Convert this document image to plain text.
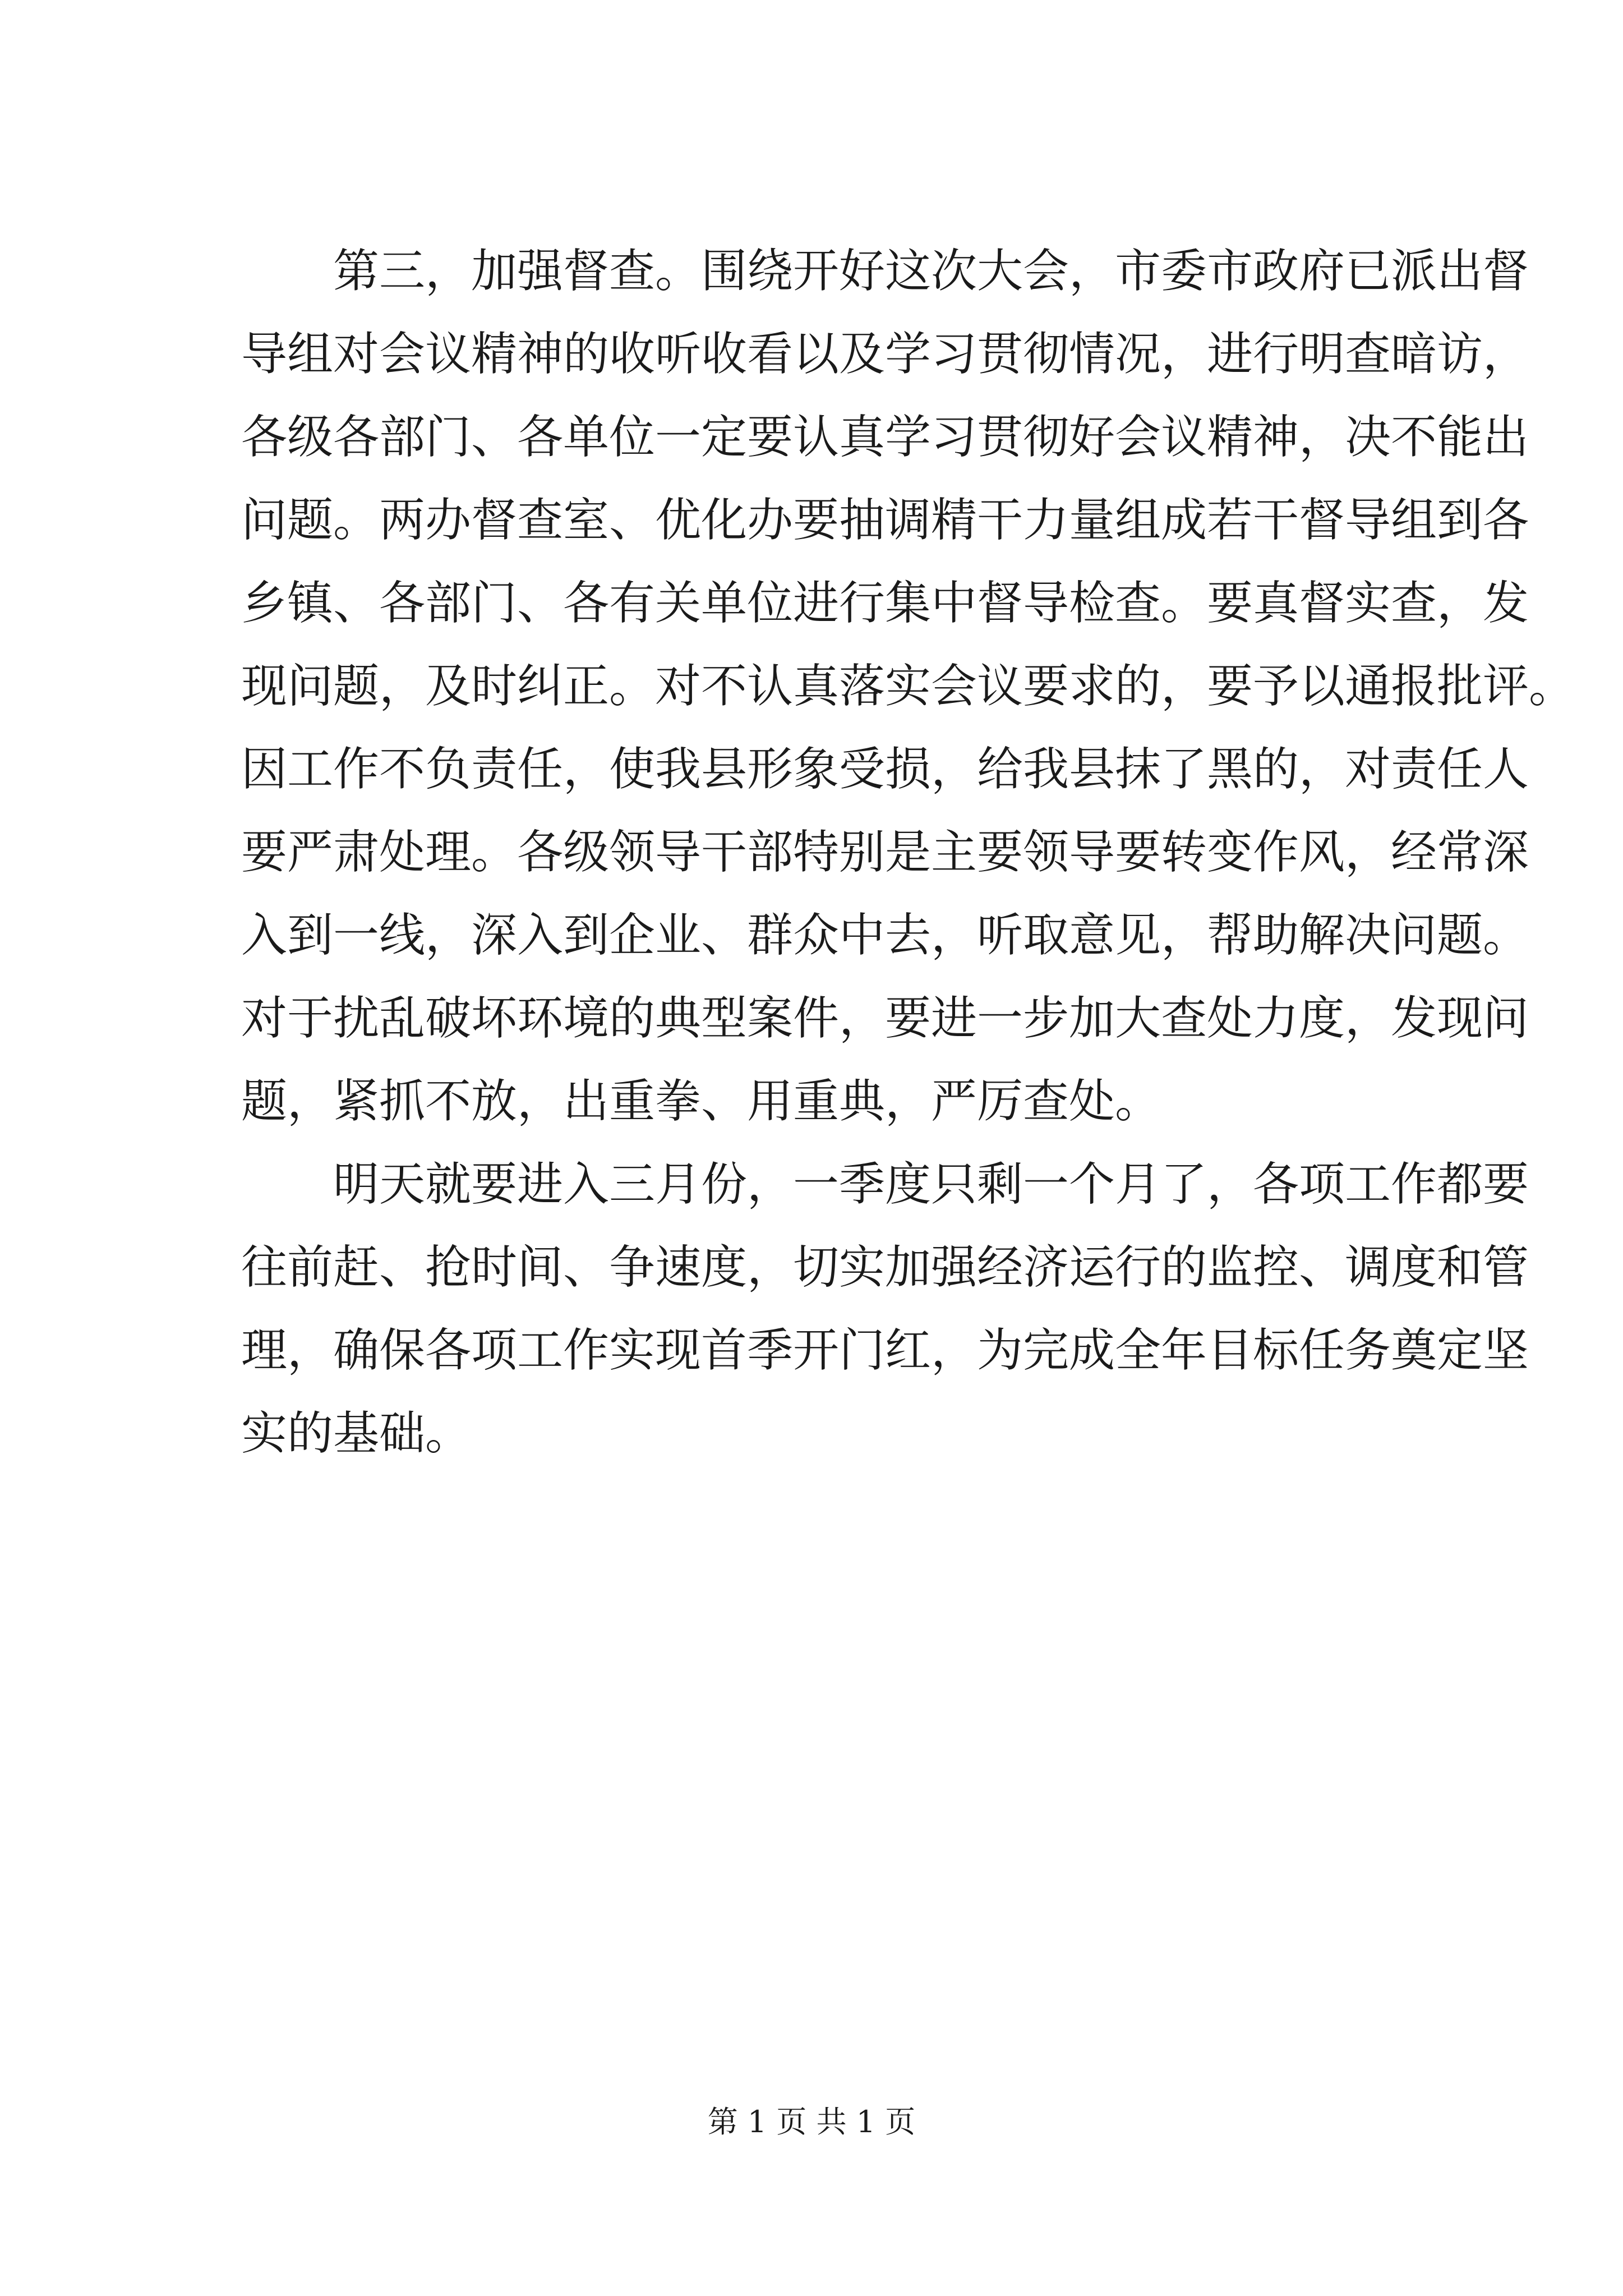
第三，加强督查。围绕开好这次大会，市委市政府已派出督
导组对会议精神的收听收看以及学习贯彻情况，进行明查暗访，
各级各部门、各单位一定要认真学习贯彻好会议精神，决不能出
问题。两办督查室、优化办要抽调精干力量组成若干督导组到各
乡镇、各部门、各有关单位进行集中督导检查。要真督实查，发
现问题，及时纠正。对不认真落实会议要求的，要予以通报批评。
因工作不负责任，使我县形象受损，给我县抹了黑的，对责任人
要严肃处理。各级领导干部特别是主要领导要转变作风，经常深
入到一线，深入到企业、群众中去，听取意见，帮助解决问题。
对于扰乱破坏环境的典型案件，要进一步加大查处力度，发现问
题，紧抓不放，出重拳、用重典，严厉查处。
明天就要进入三月份，一季度只剩一个月了，各项工作都要
往前赶、抢时间、争速度，切实加强经济运行的监控、调度和管
理，确保各项工作实现首季开门红，为完成全年目标任务奠定坚
实的基础。
第 1 页 共 1 页
